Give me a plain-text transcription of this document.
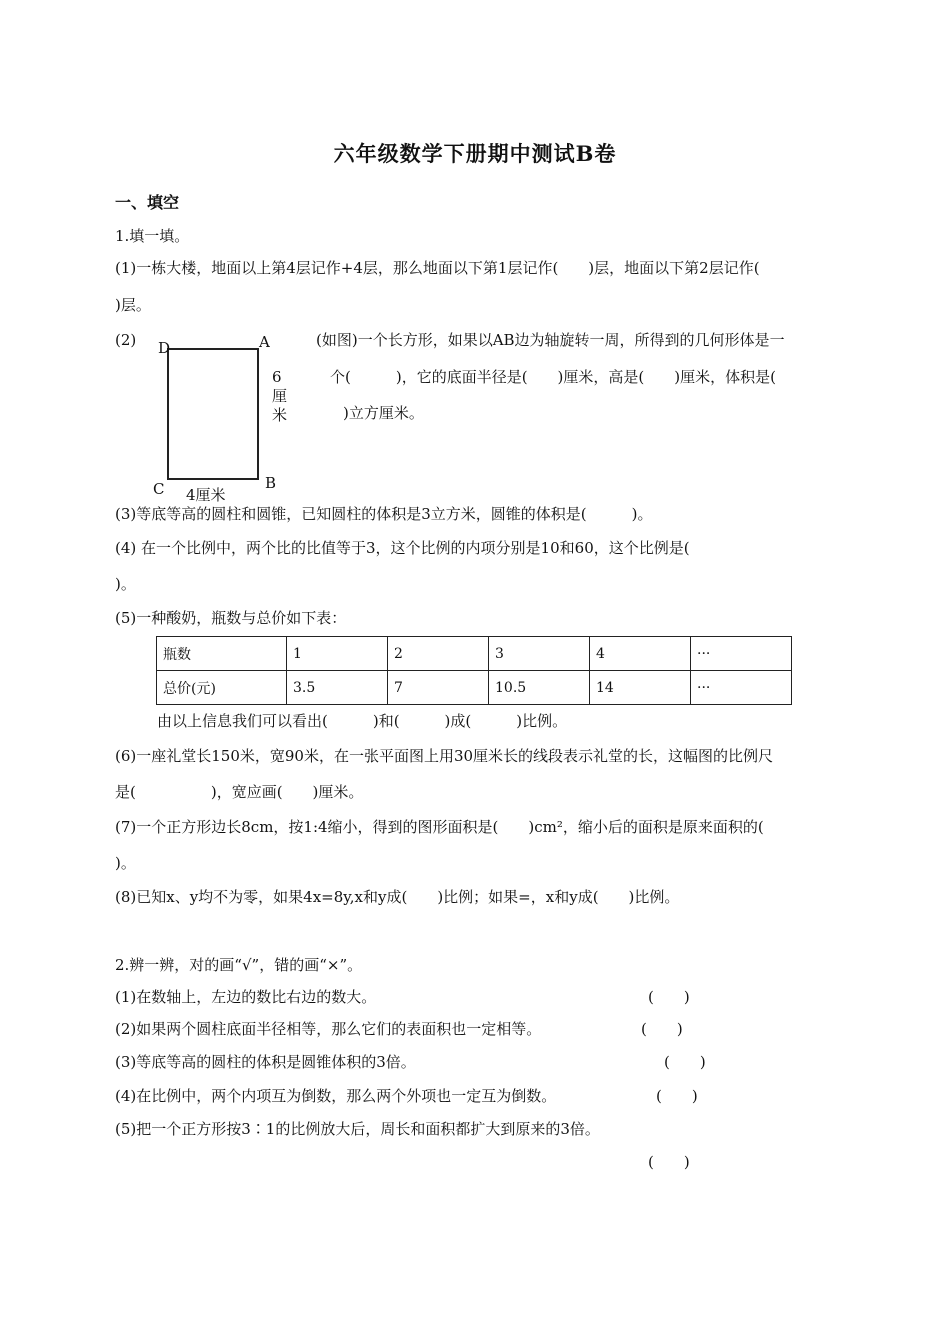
六年级数学下册期中测试B卷
一、填空
1.填一填。
(1)一栋大楼，地面以上第4层记作+4层，那么地面以下第1层记作(　　)层，地面以下第2层记作(
)层。
(2) D	A
C	B
6
厘
米
4厘米
(如图)一个长方形，如果以AB边为轴旋转一周，所得到的几何形体是一
个(　　　)，它的底面半径是(　　)厘米，高是(　　)厘米，体积是(
)立方厘米。
(3)等底等高的圆柱和圆锥，已知圆柱的体积是3立方米，圆锥的体积是(　　　)。
(4) 在一个比例中，两个比的比值等于3，这个比例的内项分别是10和60，这个比例是(
)。
(5)一种酸奶，瓶数与总价如下表：
瓶数	1	2	3	4	···
总价(元)	3.5	7	10.5	14	···
由以上信息我们可以看出(　　　)和(　　　)成(　　　)比例。
(6)一座礼堂长150米，宽90米，在一张平面图上用30厘米长的线段表示礼堂的长，这幅图的比例尺
是(　　　　　)，宽应画(　　)厘米。
(7)一个正方形边长8cm，按1:4缩小，得到的图形面积是(　　)cm²，缩小后的面积是原来面积的(
)。
(8)已知x、y均不为零，如果4x=8y,x和y成(　　)比例；如果=，x和y成(　　)比例。
2.辨一辨，对的画“√”，错的画“×”。
(1)在数轴上，左边的数比右边的数大。	(　　)
(2)如果两个圆柱底面半径相等，那么它们的表面积也一定相等。	(　　)
(3)等底等高的圆柱的体积是圆锥体积的3倍。	(　　)
(4)在比例中，两个内项互为倒数，那么两个外项也一定互为倒数。	(　　)
(5)把一个正方形按3∶1的比例放大后，周长和面积都扩大到原来的3倍。
(　　)
